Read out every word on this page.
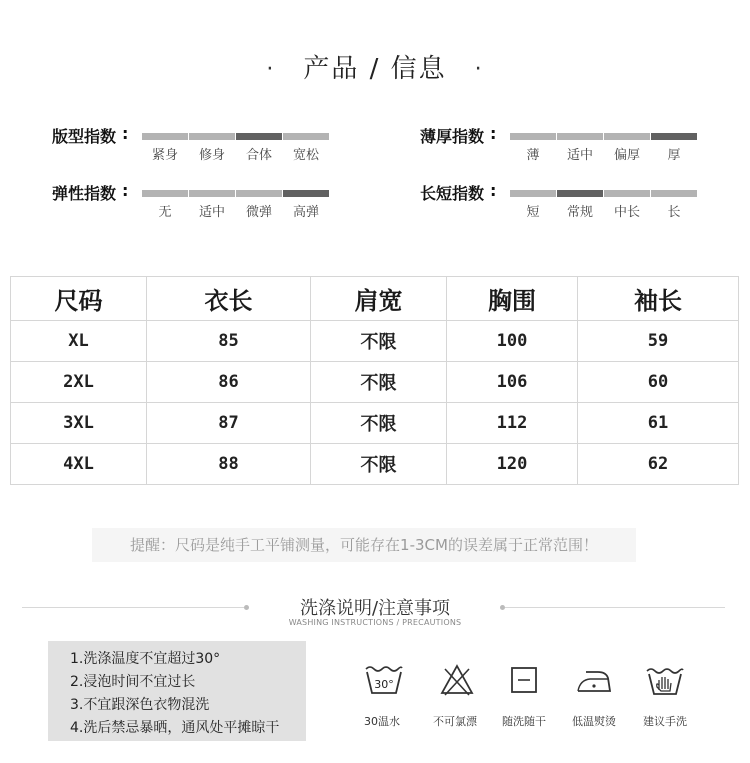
· 产品 / 信息 ·
版型指数 :
紧身	修身	合体	宽松
薄厚指数 :
薄	适中	偏厚	厚
弹性指数 :
无	适中	微弹	高弹
长短指数 :
短	常规	中长	长
尺码	衣长	肩宽	胸围	袖长
XL	85	不限	100	59
2XL	86	不限	106	60
3XL	87	不限	112	61
4XL	88	不限	120	62
提醒：尺码是纯手工平铺测量，可能存在1-3CM的误差属于正常范围！
洗涤说明/注意事项
WASHING INSTRUCTIONS / PRECAUTIONS
1.洗涤温度不宜超过30°
2.浸泡时间不宜过长
3.不宜跟深色衣物混洗
4.洗后禁忌暴晒，通风处平摊晾干
30°
30温水	不可氯漂	随洗随干	低温熨烫	建议手洗
